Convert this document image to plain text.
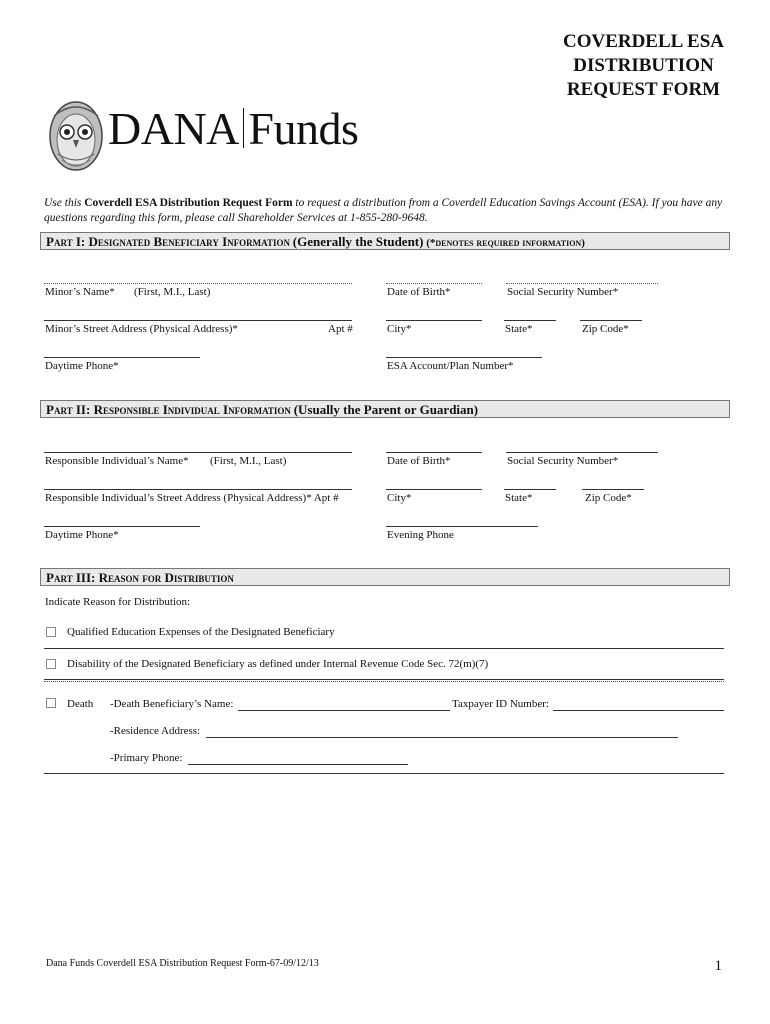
COVERDELL ESA
DISTRIBUTION
REQUEST FORM
DANA Funds
Use this Coverdell ESA Distribution Request Form to request a distribution from a Coverdell Education Savings Account (ESA). If you have any questions regarding this form, please call Shareholder Services at 1-855-280-9648.
Part I: Designated Beneficiary Information (Generally the Student) (*denotes required information)
Minor’s Name* (First, M.I., Last)	Date of Birth*	Social Security Number*
Minor’s Street Address (Physical Address)*	Apt #	City*	State*	Zip Code*
Daytime Phone*	ESA Account/Plan Number*
Part II: Responsible Individual Information (Usually the Parent or Guardian)
Responsible Individual’s Name* (First, M.I., Last)	Date of Birth*	Social Security Number*
Responsible Individual’s Street Address (Physical Address)* Apt #	City*	State*	Zip Code*
Daytime Phone*	Evening Phone
Part III: Reason for Distribution
Indicate Reason for Distribution:
Qualified Education Expenses of the Designated Beneficiary
Disability of the Designated Beneficiary as defined under Internal Revenue Code Sec. 72(m)(7)
Death -Death Beneficiary’s Name:	Taxpayer ID Number:
-Residence Address:
-Primary Phone:
Dana Funds Coverdell ESA Distribution Request Form-67-09/12/13	1
